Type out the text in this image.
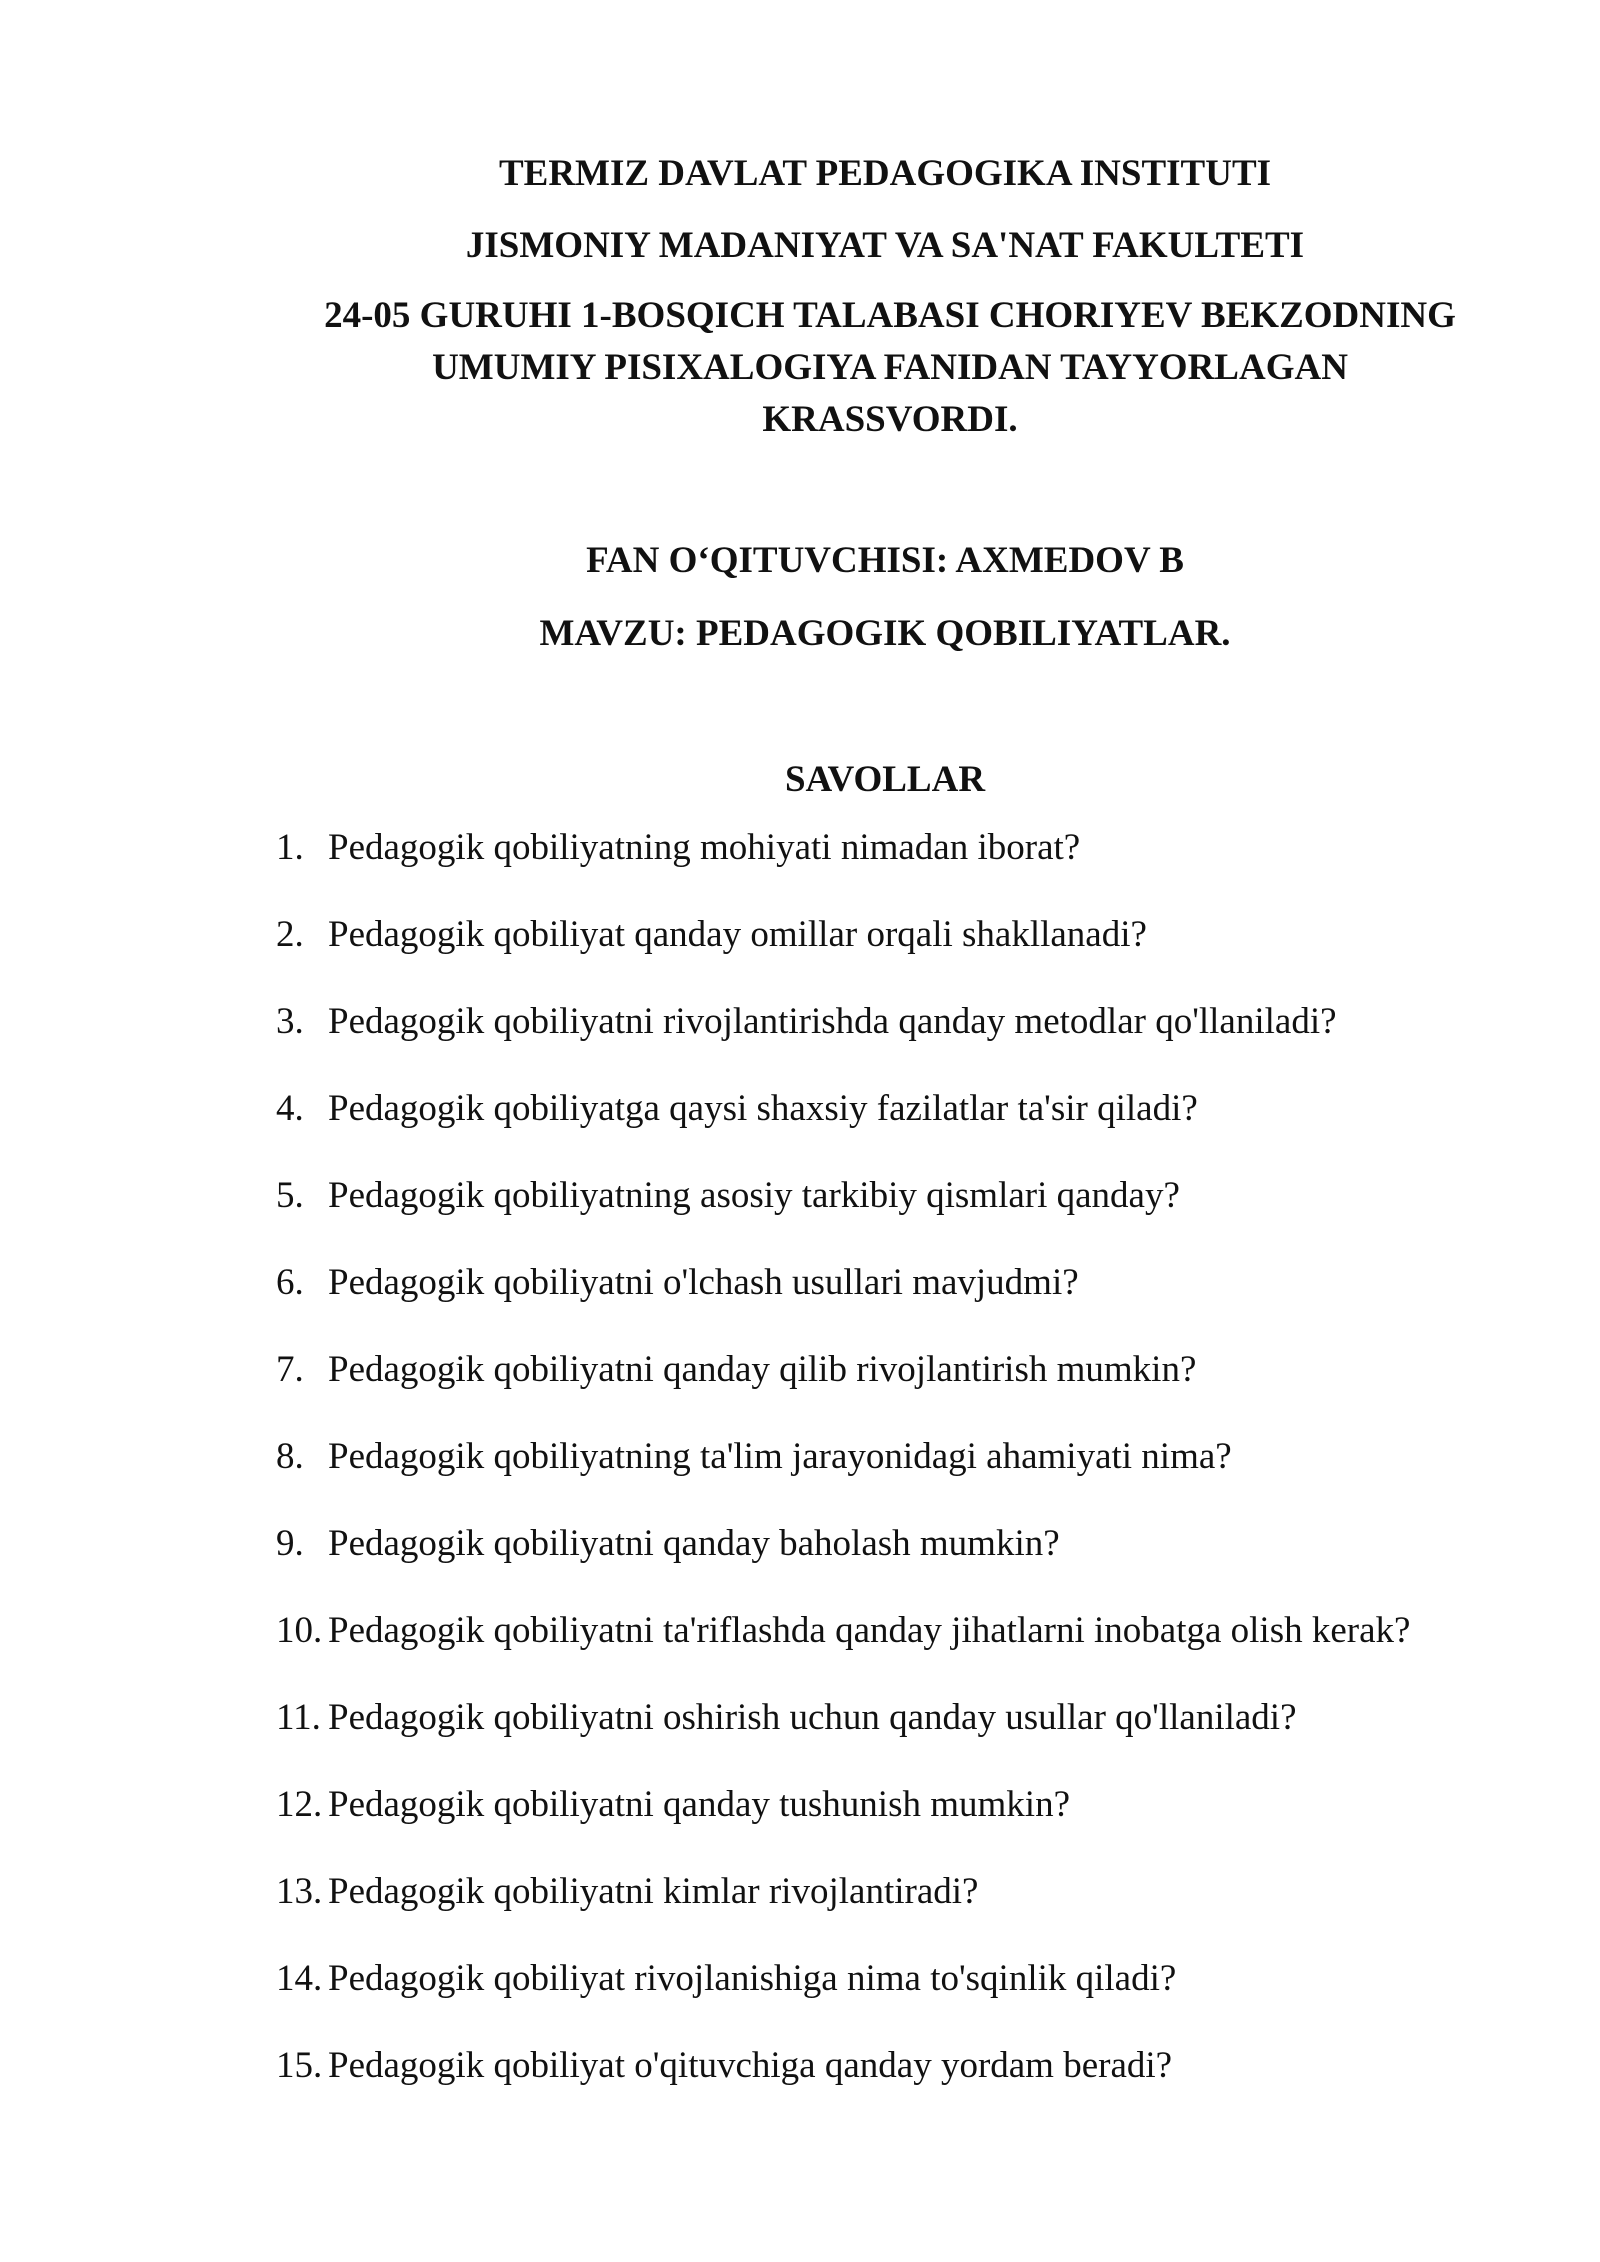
TERMIZ DAVLAT PEDAGOGIKA INSTITUTI
JISMONIY MADANIYAT VA SA'NAT FAKULTETI
24-05 GURUHI 1-BOSQICH TALABASI CHORIYEV BEKZODNING UMUMIY PISIXALOGIYA FANIDAN TAYYORLAGAN KRASSVORDI.
FAN O‘QITUVCHISI: AXMEDOV B
MAVZU: PEDAGOGIK QOBILIYATLAR.
SAVOLLAR
1. Pedagogik qobiliyatning mohiyati nimadan iborat?
2. Pedagogik qobiliyat qanday omillar orqali shakllanadi?
3. Pedagogik qobiliyatni rivojlantirishda qanday metodlar qo'llaniladi?
4. Pedagogik qobiliyatga qaysi shaxsiy fazilatlar ta'sir qiladi?
5. Pedagogik qobiliyatning asosiy tarkibiy qismlari qanday?
6. Pedagogik qobiliyatni o'lchash usullari mavjudmi?
7. Pedagogik qobiliyatni qanday qilib rivojlantirish mumkin?
8. Pedagogik qobiliyatning ta'lim jarayonidagi ahamiyati nima?
9. Pedagogik qobiliyatni qanday baholash mumkin?
10. Pedagogik qobiliyatni ta'riflashda qanday jihatlarni inobatga olish kerak?
11. Pedagogik qobiliyatni oshirish uchun qanday usullar qo'llaniladi?
12. Pedagogik qobiliyatni qanday tushunish mumkin?
13. Pedagogik qobiliyatni kimlar rivojlantiradi?
14. Pedagogik qobiliyat rivojlanishiga nima to'sqinlik qiladi?
15. Pedagogik qobiliyat o'qituvchiga qanday yordam beradi?
